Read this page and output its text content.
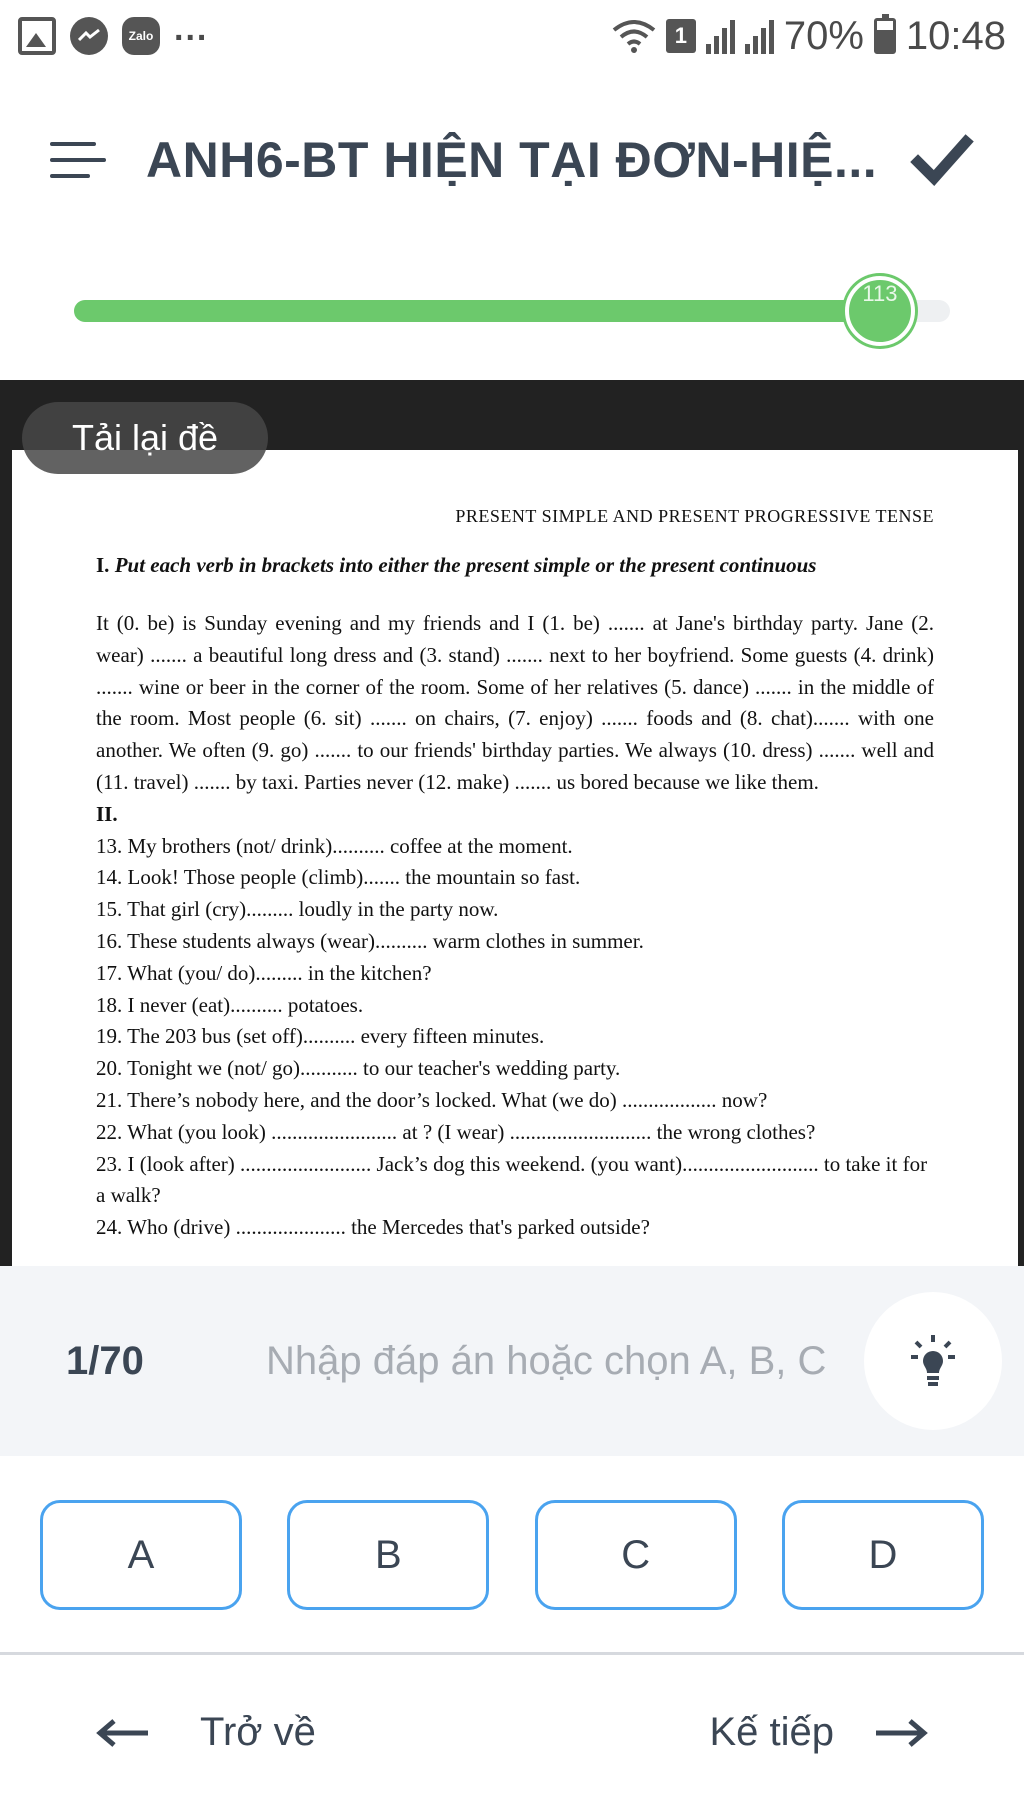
Zalo ...	1 70% 10:48
ANH6-BT HIỆN TẠI ĐƠN-HIỆ...
113
Tải lại đề
PRESENT SIMPLE AND PRESENT PROGRESSIVE TENSE
I. Put each verb in brackets into either the present simple or the present continuous

It (0. be) is Sunday evening and my friends and I (1. be) ....... at Jane's birthday party. Jane (2. wear) ....... a beautiful long dress and (3. stand) ....... next to her boyfriend. Some guests (4. drink) ....... wine or beer in the corner of the room. Some of her relatives (5. dance) ....... in the middle of the room. Most people (6. sit) ....... on chairs, (7. enjoy) ....... foods and (8. chat)....... with one another. We often (9. go) ....... to our friends' birthday parties. We always (10. dress) ....... well and (11. travel) ....... by taxi. Parties never (12. make) ....... us bored because we like them.

II.
13. My brothers (not/ drink).......... coffee at the moment.
14. Look! Those people (climb)....... the mountain so fast.
15. That girl (cry)......... loudly in the party now.
16. These students always (wear).......... warm clothes in summer.
17. What (you/ do)......... in the kitchen?
18. I never (eat).......... potatoes.
19. The 203 bus (set off).......... every fifteen minutes.
20. Tonight we (not/ go)........... to our teacher's wedding party.
21. There’s nobody here, and the door’s locked. What (we do) .................. now?
22. What (you look) ........................ at ? (I wear) ........................... the wrong clothes?
23. I (look after) ......................... Jack’s dog this weekend. (you want).......................... to take it for a walk?
24. Who (drive) ..................... the Mercedes that's parked outside?
1/70
Nhập đáp án hoặc chọn A, B, C
A	B	C	D
Trở về	Kế tiếp
